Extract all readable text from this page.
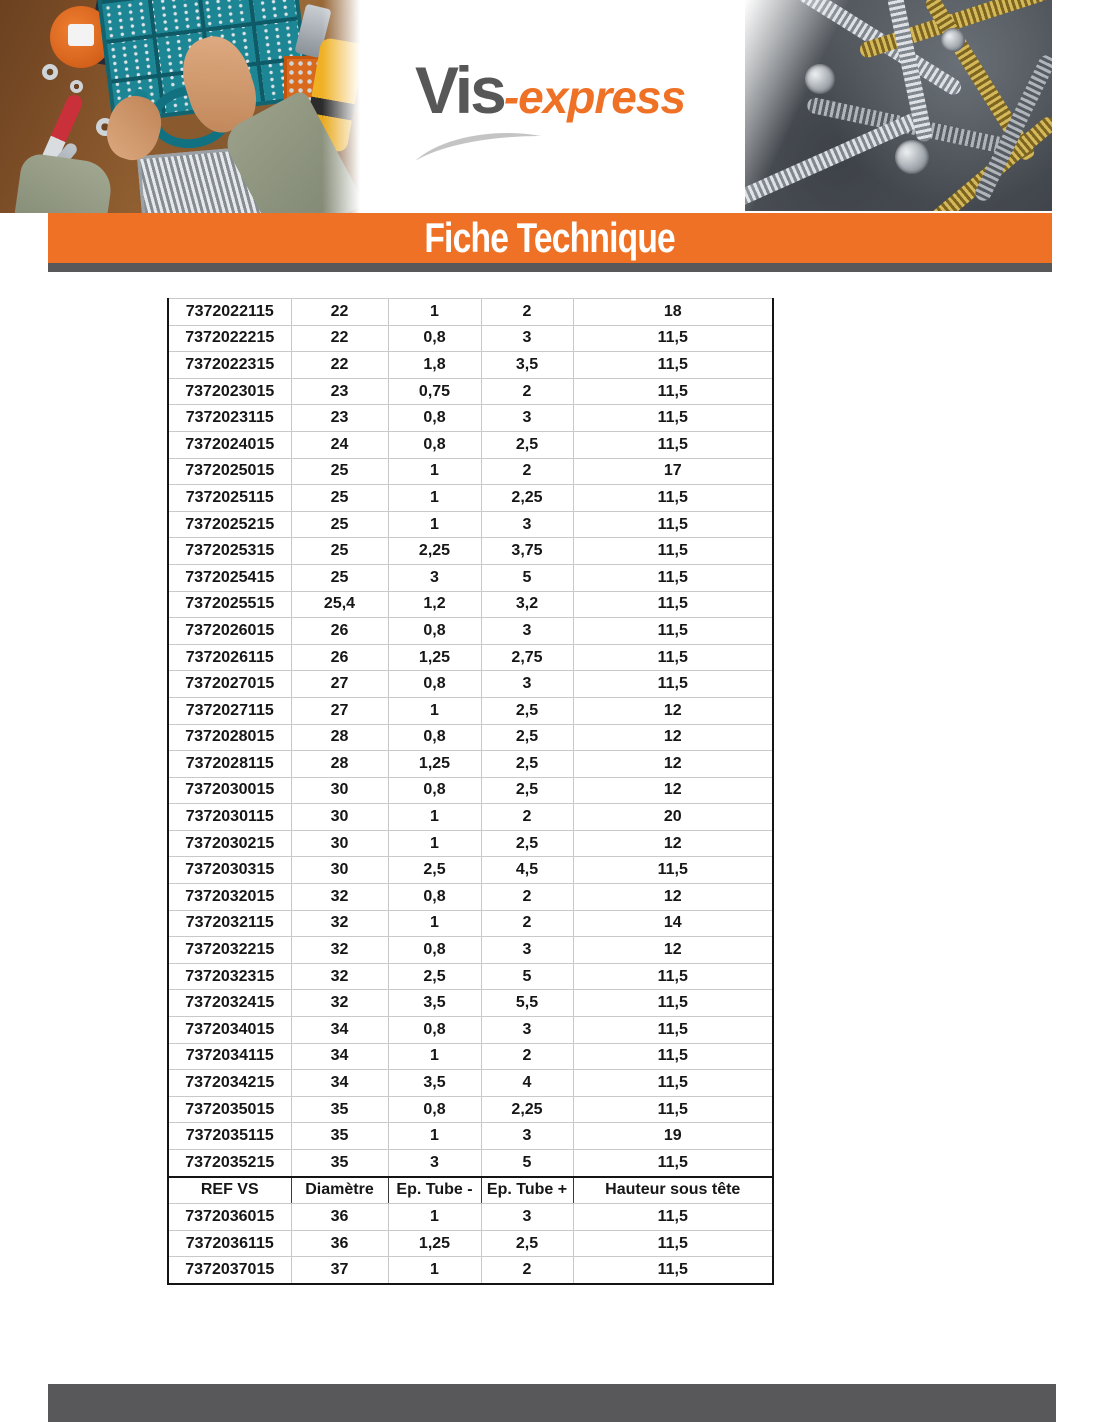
Vis-express
Fiche Technique
7372022115	22	1	2	18
7372022215	22	0,8	3	11,5
7372022315	22	1,8	3,5	11,5
7372023015	23	0,75	2	11,5
7372023115	23	0,8	3	11,5
7372024015	24	0,8	2,5	11,5
7372025015	25	1	2	17
7372025115	25	1	2,25	11,5
7372025215	25	1	3	11,5
7372025315	25	2,25	3,75	11,5
7372025415	25	3	5	11,5
7372025515	25,4	1,2	3,2	11,5
7372026015	26	0,8	3	11,5
7372026115	26	1,25	2,75	11,5
7372027015	27	0,8	3	11,5
7372027115	27	1	2,5	12
7372028015	28	0,8	2,5	12
7372028115	28	1,25	2,5	12
7372030015	30	0,8	2,5	12
7372030115	30	1	2	20
7372030215	30	1	2,5	12
7372030315	30	2,5	4,5	11,5
7372032015	32	0,8	2	12
7372032115	32	1	2	14
7372032215	32	0,8	3	12
7372032315	32	2,5	5	11,5
7372032415	32	3,5	5,5	11,5
7372034015	34	0,8	3	11,5
7372034115	34	1	2	11,5
7372034215	34	3,5	4	11,5
7372035015	35	0,8	2,25	11,5
7372035115	35	1	3	19
7372035215	35	3	5	11,5
REF VS	Diamètre	Ep. Tube -	Ep. Tube +	Hauteur sous tête
7372036015	36	1	3	11,5
7372036115	36	1,25	2,5	11,5
7372037015	37	1	2	11,5
